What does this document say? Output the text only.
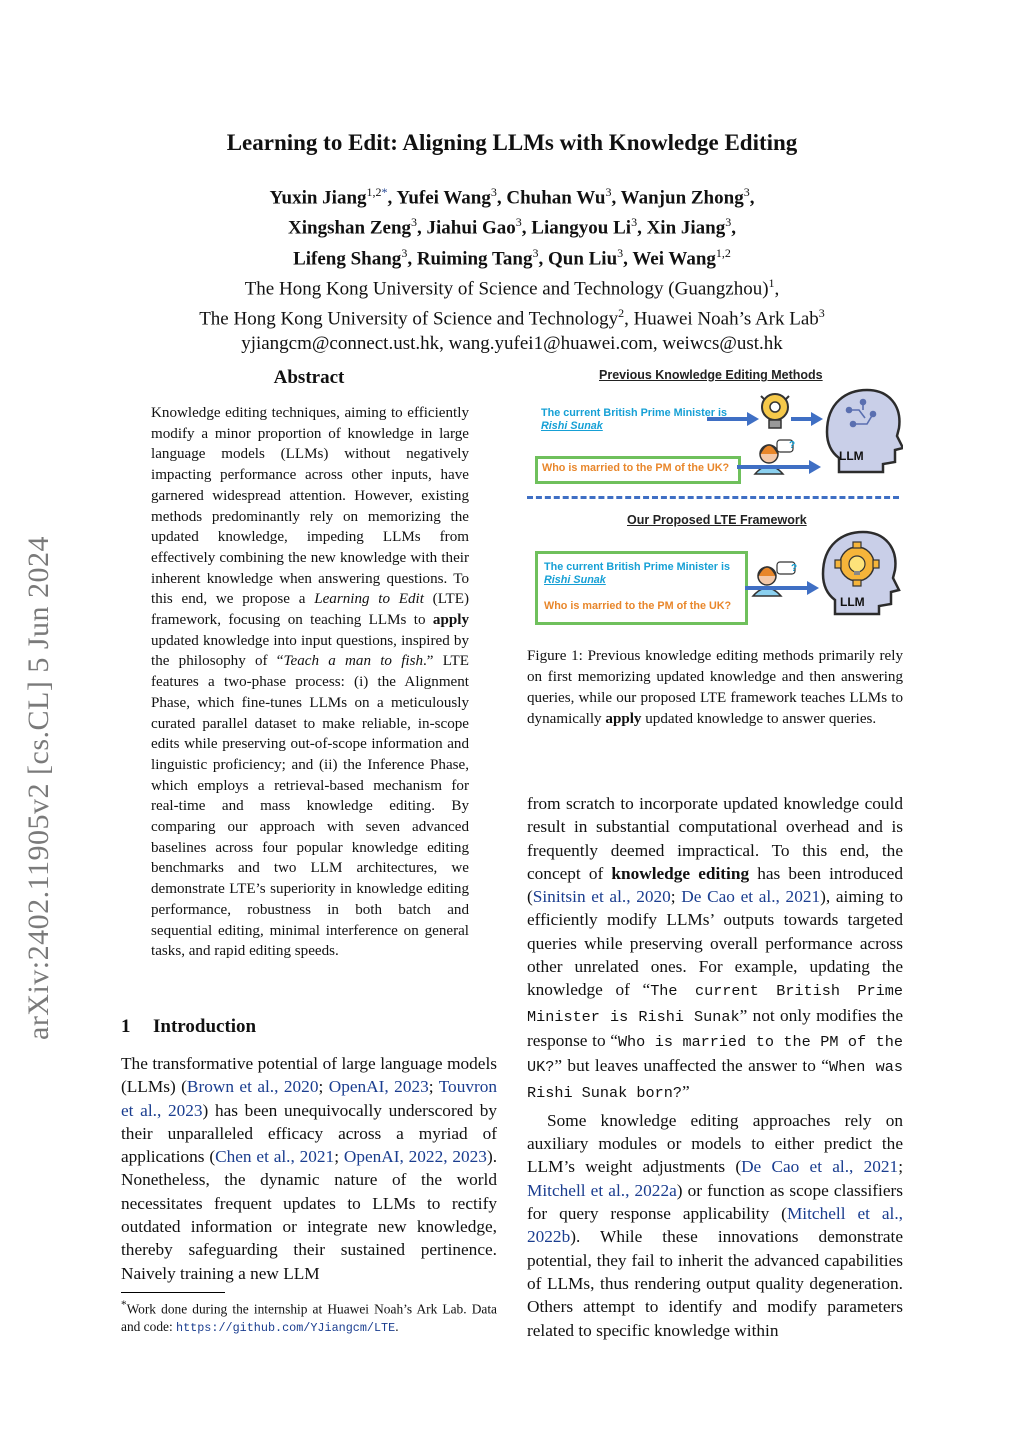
arXiv:2402.11905v2 [cs.CL] 5 Jun 2024
Learning to Edit: Aligning LLMs with Knowledge Editing
Yuxin Jiang$^{1,2*}$, Yufei Wang$^3$, Chuhan Wu$^3$, Wanjun Zhong$^3$,
Xingshan Zeng$^3$, Jiahui Gao$^3$, Liangyou Li$^3$, Xin Jiang$^3$,
Lifeng Shang$^3$, Ruiming Tang$^3$, Qun Liu$^3$, Wei Wang$^{1,2}$
The Hong Kong University of Science and Technology (Guangzhou)$^1$,
The Hong Kong University of Science and Technology$^2$, Huawei Noah’s Ark Lab$^3$
yjiangcm@connect.ust.hk, wang.yufei1@huawei.com, weiwcs@ust.hk
Abstract
Knowledge editing techniques, aiming to efficiently modify a minor proportion of knowledge in large language models (LLMs) without negatively impacting performance across other inputs, have garnered widespread attention. However, existing methods predominantly rely on memorizing the updated knowledge, impeding LLMs from effectively combining the new knowledge with their inherent knowledge when answering questions. To this end, we propose a Learning to Edit (LTE) framework, focusing on teaching LLMs to apply updated knowledge into input questions, inspired by the philosophy of “Teach a man to fish.” LTE features a two-phase process: (i) the Alignment Phase, which fine-tunes LLMs on a meticulously curated parallel dataset to make reliable, in-scope edits while preserving out-of-scope information and linguistic proficiency; and (ii) the Inference Phase, which employs a retrieval-based mechanism for real-time and mass knowledge editing. By comparing our approach with seven advanced baselines across four popular knowledge editing benchmarks and two LLM architectures, we demonstrate LTE’s superiority in knowledge editing performance, robustness in both batch and sequential editing, minimal interference on general tasks, and rapid editing speeds.
1 Introduction
The transformative potential of large language models (LLMs) (Brown et al., 2020; OpenAI, 2023; Touvron et al., 2023) has been unequivocally underscored by their unparalleled efficacy across a myriad of applications (Chen et al., 2021; OpenAI, 2022, 2023). Nonetheless, the dynamic nature of the world necessitates frequent updates to LLMs to rectify outdated information or integrate new knowledge, thereby safeguarding their sustained pertinence. Naively training a new LLM
*Work done during the internship at Huawei Noah’s Ark Lab. Data and code: https://github.com/YJiangcm/LTE.
Previous Knowledge Editing Methods
The current British Prime Minister is
Rishi Sunak
Who is married to the PM of the UK?
?
LLM
Our Proposed LTE Framework
The current British Prime Minister is
Rishi Sunak
Who is married to the PM of the UK?
?
LLM
Figure 1: Previous knowledge editing methods primarily rely on first memorizing updated knowledge and then answering queries, while our proposed LTE framework teaches LLMs to dynamically apply updated knowledge to answer queries.

from scratch to incorporate updated knowledge could result in substantial computational overhead and is frequently deemed impractical. To this end, the concept of knowledge editing has been introduced (Sinitsin et al., 2020; De Cao et al., 2021), aiming to efficiently modify LLMs’ outputs towards targeted queries while preserving overall performance across other unrelated ones. For example, updating the knowledge of “The current British Prime Minister is Rishi Sunak” not only modifies the response to “Who is married to the PM of the UK?” but leaves unaffected the answer to “When was Rishi Sunak born?”

Some knowledge editing approaches rely on auxiliary modules or models to either predict the LLM’s weight adjustments (De Cao et al., 2021; Mitchell et al., 2022a) or function as scope classifiers for query response applicability (Mitchell et al., 2022b). While these innovations demonstrate potential, they fail to inherit the advanced capabilities of LLMs, thus rendering output quality degeneration. Others attempt to identify and modify parameters related to specific knowledge within
